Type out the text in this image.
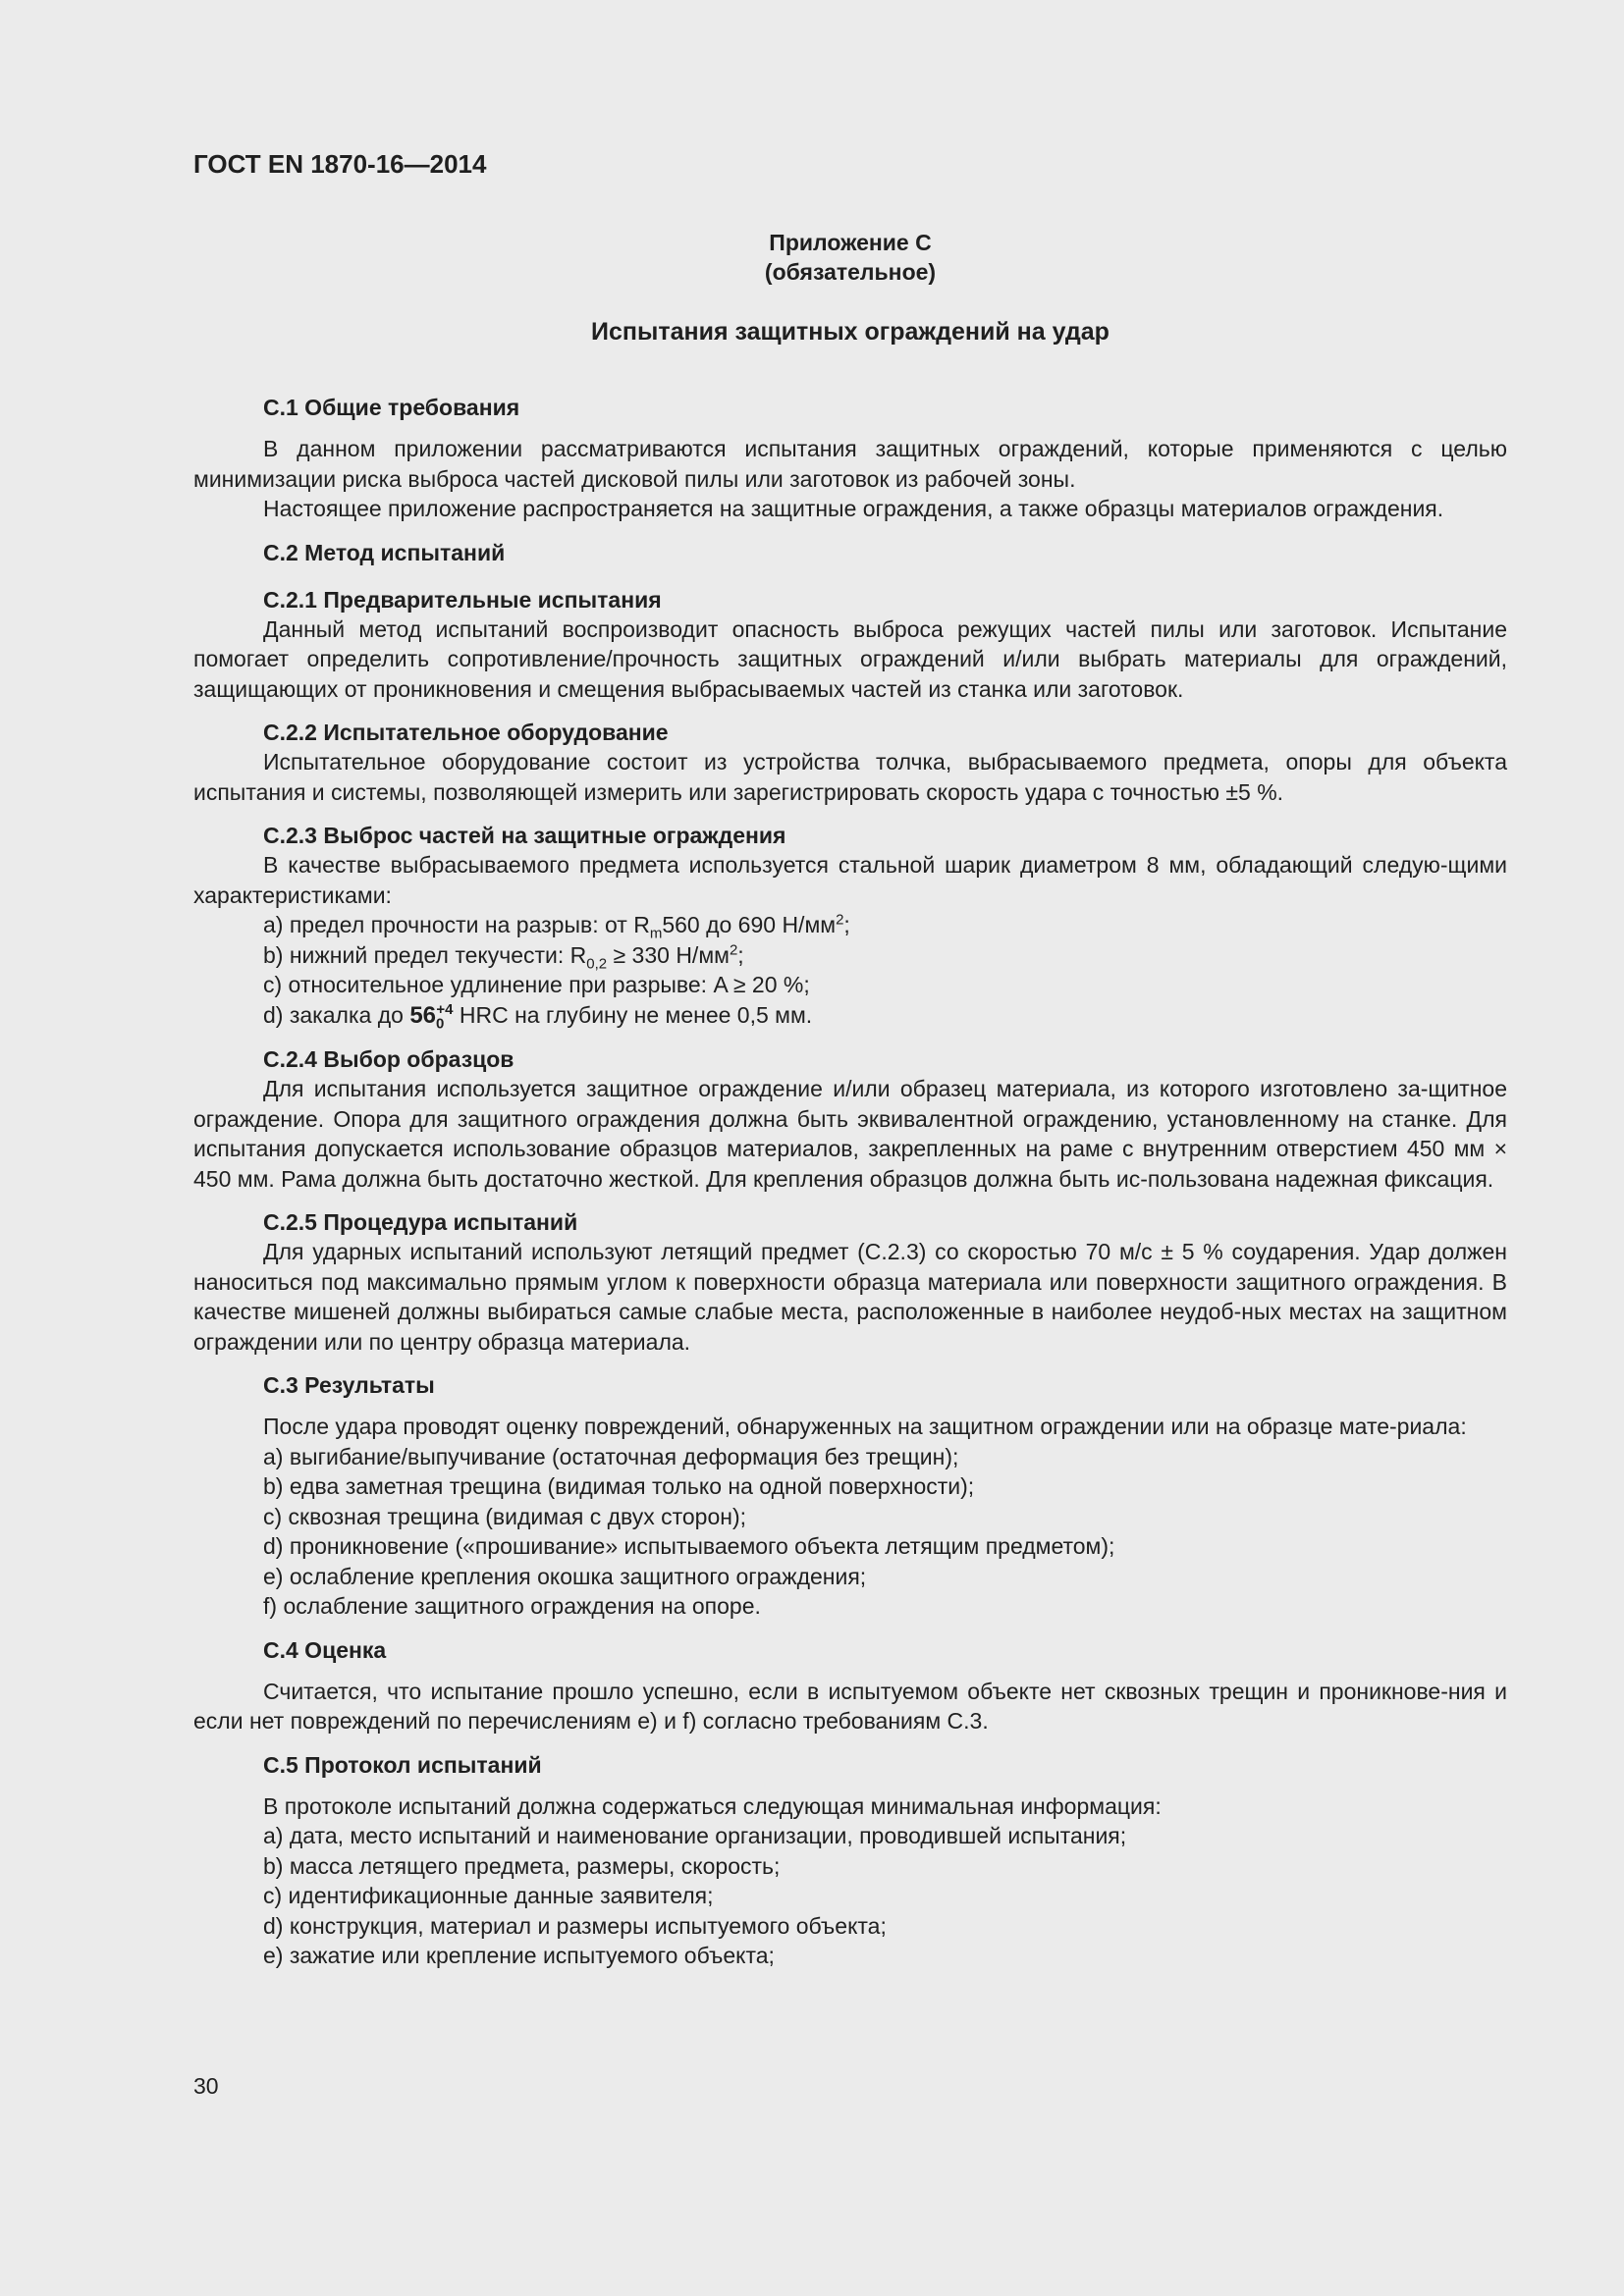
ГОСТ EN 1870-16—2014
Приложение С
(обязательное)
Испытания защитных ограждений на удар
С.1 Общие требования

В данном приложении рассматриваются испытания защитных ограждений, которые применяются с целью минимизации риска выброса частей дисковой пилы или заготовок из рабочей зоны.

Настоящее приложение распространяется на защитные ограждения, а также образцы материалов ограждения.

С.2 Метод испытаний
С.2.1 Предварительные испытания

Данный метод испытаний воспроизводит опасность выброса режущих частей пилы или заготовок. Испытание помогает определить сопротивление/прочность защитных ограждений и/или выбрать материалы для ограждений, защищающих от проникновения и смещения выбрасываемых частей из станка или заготовок.

С.2.2 Испытательное оборудование

Испытательное оборудование состоит из устройства толчка, выбрасываемого предмета, опоры для объекта испытания и системы, позволяющей измерить или зарегистрировать скорость удара с точностью ±5 %.

С.2.3 Выброс частей на защитные ограждения

В качестве выбрасываемого предмета используется стальной шарик диаметром 8 мм, обладающий следую-щими характеристиками:

a) предел прочности на разрыв: от $R_m560$ до 690 $Н/мм^2$;
b) нижний предел текучести: $R_{0,2} \ge 330$ $Н/мм^2$;
c) относительное удлинение при разрыве: A ≥ 20 %;
d) закалка до $56_0^{+4}$ HRC на глубину не менее 0,5 мм.
С.2.4 Выбор образцов

Для испытания используется защитное ограждение и/или образец материала, из которого изготовлено за-щитное ограждение. Опора для защитного ограждения должна быть эквивалентной ограждению, установленному на станке. Для испытания допускается использование образцов материалов, закрепленных на раме с внутренним отверстием 450 мм × 450 мм. Рама должна быть достаточно жесткой. Для крепления образцов должна быть ис-пользована надежная фиксация.

С.2.5 Процедура испытаний

Для ударных испытаний используют летящий предмет (С.2.3) со скоростью 70 м/с ± 5 % соударения. Удар должен наноситься под максимально прямым углом к поверхности образца материала или поверхности защитного ограждения. В качестве мишеней должны выбираться самые слабые места, расположенные в наиболее неудоб-ных местах на защитном ограждении или по центру образца материала.

С.3 Результаты

После удара проводят оценку повреждений, обнаруженных на защитном ограждении или на образце мате-риала:

a) выгибание/выпучивание (остаточная деформация без трещин);
b) едва заметная трещина (видимая только на одной поверхности);
c) сквозная трещина (видимая с двух сторон);
d) проникновение («прошивание» испытываемого объекта летящим предметом);
e) ослабление крепления окошка защитного ограждения;
f) ослабление защитного ограждения на опоре.
С.4 Оценка

Считается, что испытание прошло успешно, если в испытуемом объекте нет сквозных трещин и проникнове-ния и если нет повреждений по перечислениям e) и f) согласно требованиям С.3.

С.5 Протокол испытаний

В протоколе испытаний должна содержаться следующая минимальная информация:

a) дата, место испытаний и наименование организации, проводившей испытания;
b) масса летящего предмета, размеры, скорость;
c) идентификационные данные заявителя;
d) конструкция, материал и размеры испытуемого объекта;
e) зажатие или крепление испытуемого объекта;
30
